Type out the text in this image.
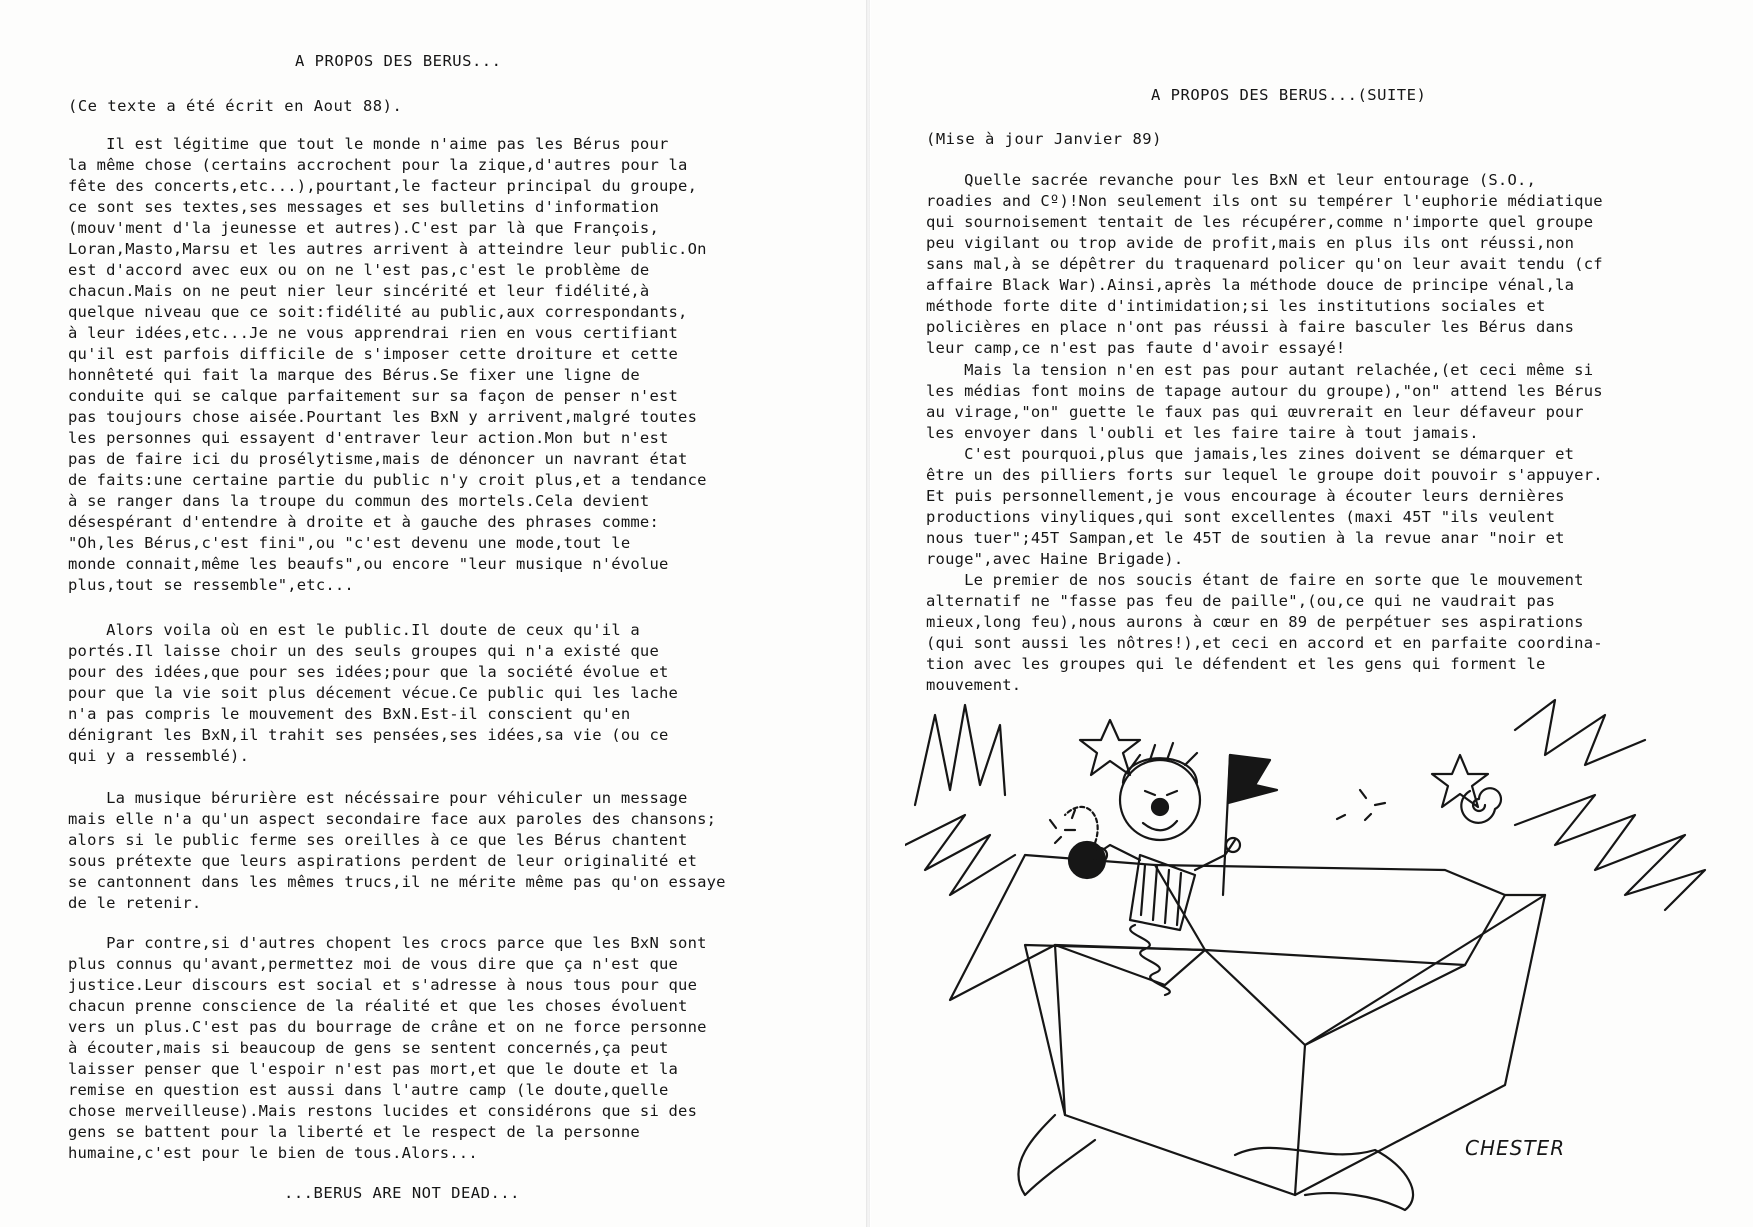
A PROPOS DES BERUS...
(Ce texte a été écrit en Aout 88).
Il est légitime que tout le monde n'aime pas les Bérus pour
la même chose (certains accrochent pour la zique,d'autres pour la
fête des concerts,etc...),pourtant,le facteur principal du groupe,
ce sont ses textes,ses messages et ses bulletins d'information
(mouv'ment d'la jeunesse et autres).C'est par là que François,
Loran,Masto,Marsu et les autres arrivent à atteindre leur public.On
est d'accord avec eux ou on ne l'est pas,c'est le problème de
chacun.Mais on ne peut nier leur sincérité et leur fidélité,à
quelque niveau que ce soit:fidélité au public,aux correspondants,
à leur idées,etc...Je ne vous apprendrai rien en vous certifiant
qu'il est parfois difficile de s'imposer cette droiture et cette
honnêteté qui fait la marque des Bérus.Se fixer une ligne de
conduite qui se calque parfaitement sur sa façon de penser n'est
pas toujours chose aisée.Pourtant les BxN y arrivent,malgré toutes
les personnes qui essayent d'entraver leur action.Mon but n'est
pas de faire ici du prosélytisme,mais de dénoncer un navrant état
de faits:une certaine partie du public n'y croit plus,et a tendance
à se ranger dans la troupe du commun des mortels.Cela devient
désespérant d'entendre à droite et à gauche des phrases comme:
"Oh,les Bérus,c'est fini",ou "c'est devenu une mode,tout le
monde connait,même les beaufs",ou encore "leur musique n'évolue
plus,tout se ressemble",etc...
Alors voila où en est le public.Il doute de ceux qu'il a
portés.Il laisse choir un des seuls groupes qui n'a existé que
pour des idées,que pour ses idées;pour que la société évolue et
pour que la vie soit plus décement vécue.Ce public qui les lache
n'a pas compris le mouvement des BxN.Est-il conscient qu'en
dénigrant les BxN,il trahit ses pensées,ses idées,sa vie (ou ce
qui y a ressemblé).
La musique bérurière est nécéssaire pour véhiculer un message
mais elle n'a qu'un aspect secondaire face aux paroles des chansons;
alors si le public ferme ses oreilles à ce que les Bérus chantent
sous prétexte que leurs aspirations perdent de leur originalité et
se cantonnent dans les mêmes trucs,il ne mérite même pas qu'on essaye
de le retenir.
Par contre,si d'autres chopent les crocs parce que les BxN sont
plus connus qu'avant,permettez moi de vous dire que ça n'est que
justice.Leur discours est social et s'adresse à nous tous pour que
chacun prenne conscience de la réalité et que les choses évoluent
vers un plus.C'est pas du bourrage de crâne et on ne force personne
à écouter,mais si beaucoup de gens se sentent concernés,ça peut
laisser penser que l'espoir n'est pas mort,et que le doute et la
remise en question est aussi dans l'autre camp (le doute,quelle
chose merveilleuse).Mais restons lucides et considérons que si des
gens se battent pour la liberté et le respect de la personne
humaine,c'est pour le bien de tous.Alors...
...BERUS ARE NOT DEAD...
A PROPOS DES BERUS...(SUITE)
(Mise à jour Janvier 89)
Quelle sacrée revanche pour les BxN et leur entourage (S.O.,
roadies and Cº)!Non seulement ils ont su tempérer l'euphorie médiatique
qui sournoisement tentait de les récupérer,comme n'importe quel groupe
peu vigilant ou trop avide de profit,mais en plus ils ont réussi,non
sans mal,à se dépêtrer du traquenard policer qu'on leur avait tendu (cf
affaire Black War).Ainsi,après la méthode douce de principe vénal,la
méthode forte dite d'intimidation;si les institutions sociales et
policières en place n'ont pas réussi à faire basculer les Bérus dans
leur camp,ce n'est pas faute d'avoir essayé!
Mais la tension n'en est pas pour autant relachée,(et ceci même si
les médias font moins de tapage autour du groupe),"on" attend les Bérus
au virage,"on" guette le faux pas qui œuvrerait en leur défaveur pour
les envoyer dans l'oubli et les faire taire à tout jamais.
C'est pourquoi,plus que jamais,les zines doivent se démarquer et
être un des pilliers forts sur lequel le groupe doit pouvoir s'appuyer.
Et puis personnellement,je vous encourage à écouter leurs dernières
productions vinyliques,qui sont excellentes (maxi 45T "ils veulent
nous tuer";45T Sampan,et le 45T de soutien à la revue anar "noir et
rouge",avec Haine Brigade).
Le premier de nos soucis étant de faire en sorte que le mouvement
alternatif ne "fasse pas feu de paille",(ou,ce qui ne vaudrait pas
mieux,long feu),nous aurons à cœur en 89 de perpétuer ses aspirations
(qui sont aussi les nôtres!),et ceci en accord et en parfaite coordina-
tion avec les groupes qui le défendent et les gens qui forment le
mouvement.
CHESTER
